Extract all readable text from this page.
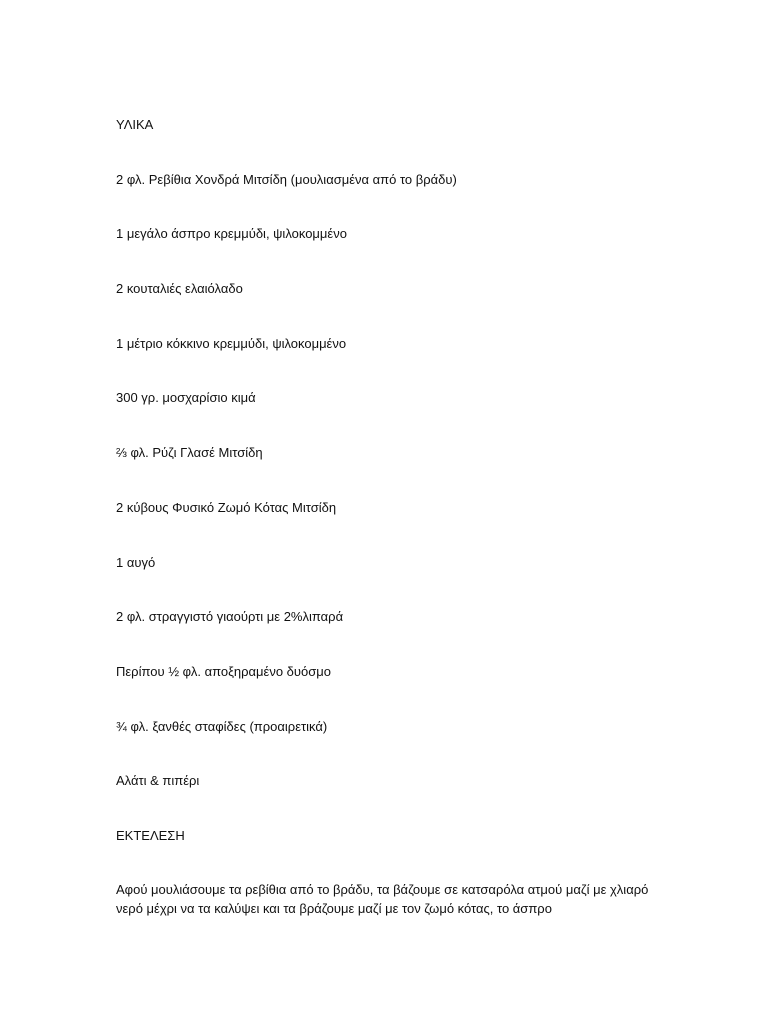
ΥΛΙΚΑ

2 φλ. Ρεβίθια Χονδρά Μιτσίδη (μουλιασμένα από το βράδυ)

1 μεγάλο άσπρο κρεμμύδι, ψιλοκομμένο

2 κουταλιές ελαιόλαδο

1 μέτριο κόκκινο κρεμμύδι, ψιλοκομμένο

300 γρ. μοσχαρίσιο κιμά

⅔ φλ. Ρύζι Γλασέ Μιτσίδη

2 κύβους Φυσικό Ζωμό Κότας Μιτσίδη

1 αυγό

2 φλ. στραγγιστό γιαούρτι με 2%λιπαρά

Περίπου ½ φλ. αποξηραμένο δυόσμο

¾ φλ. ξανθές σταφίδες (προαιρετικά)

Αλάτι & πιπέρι

ΕΚΤΕΛΕΣΗ

Αφού μουλιάσουμε τα ρεβίθια από το βράδυ, τα βάζουμε σε κατσαρόλα ατμού μαζί με χλιαρό νερό μέχρι να τα καλύψει και τα βράζουμε μαζί με τον ζωμό κότας, το άσπρο
